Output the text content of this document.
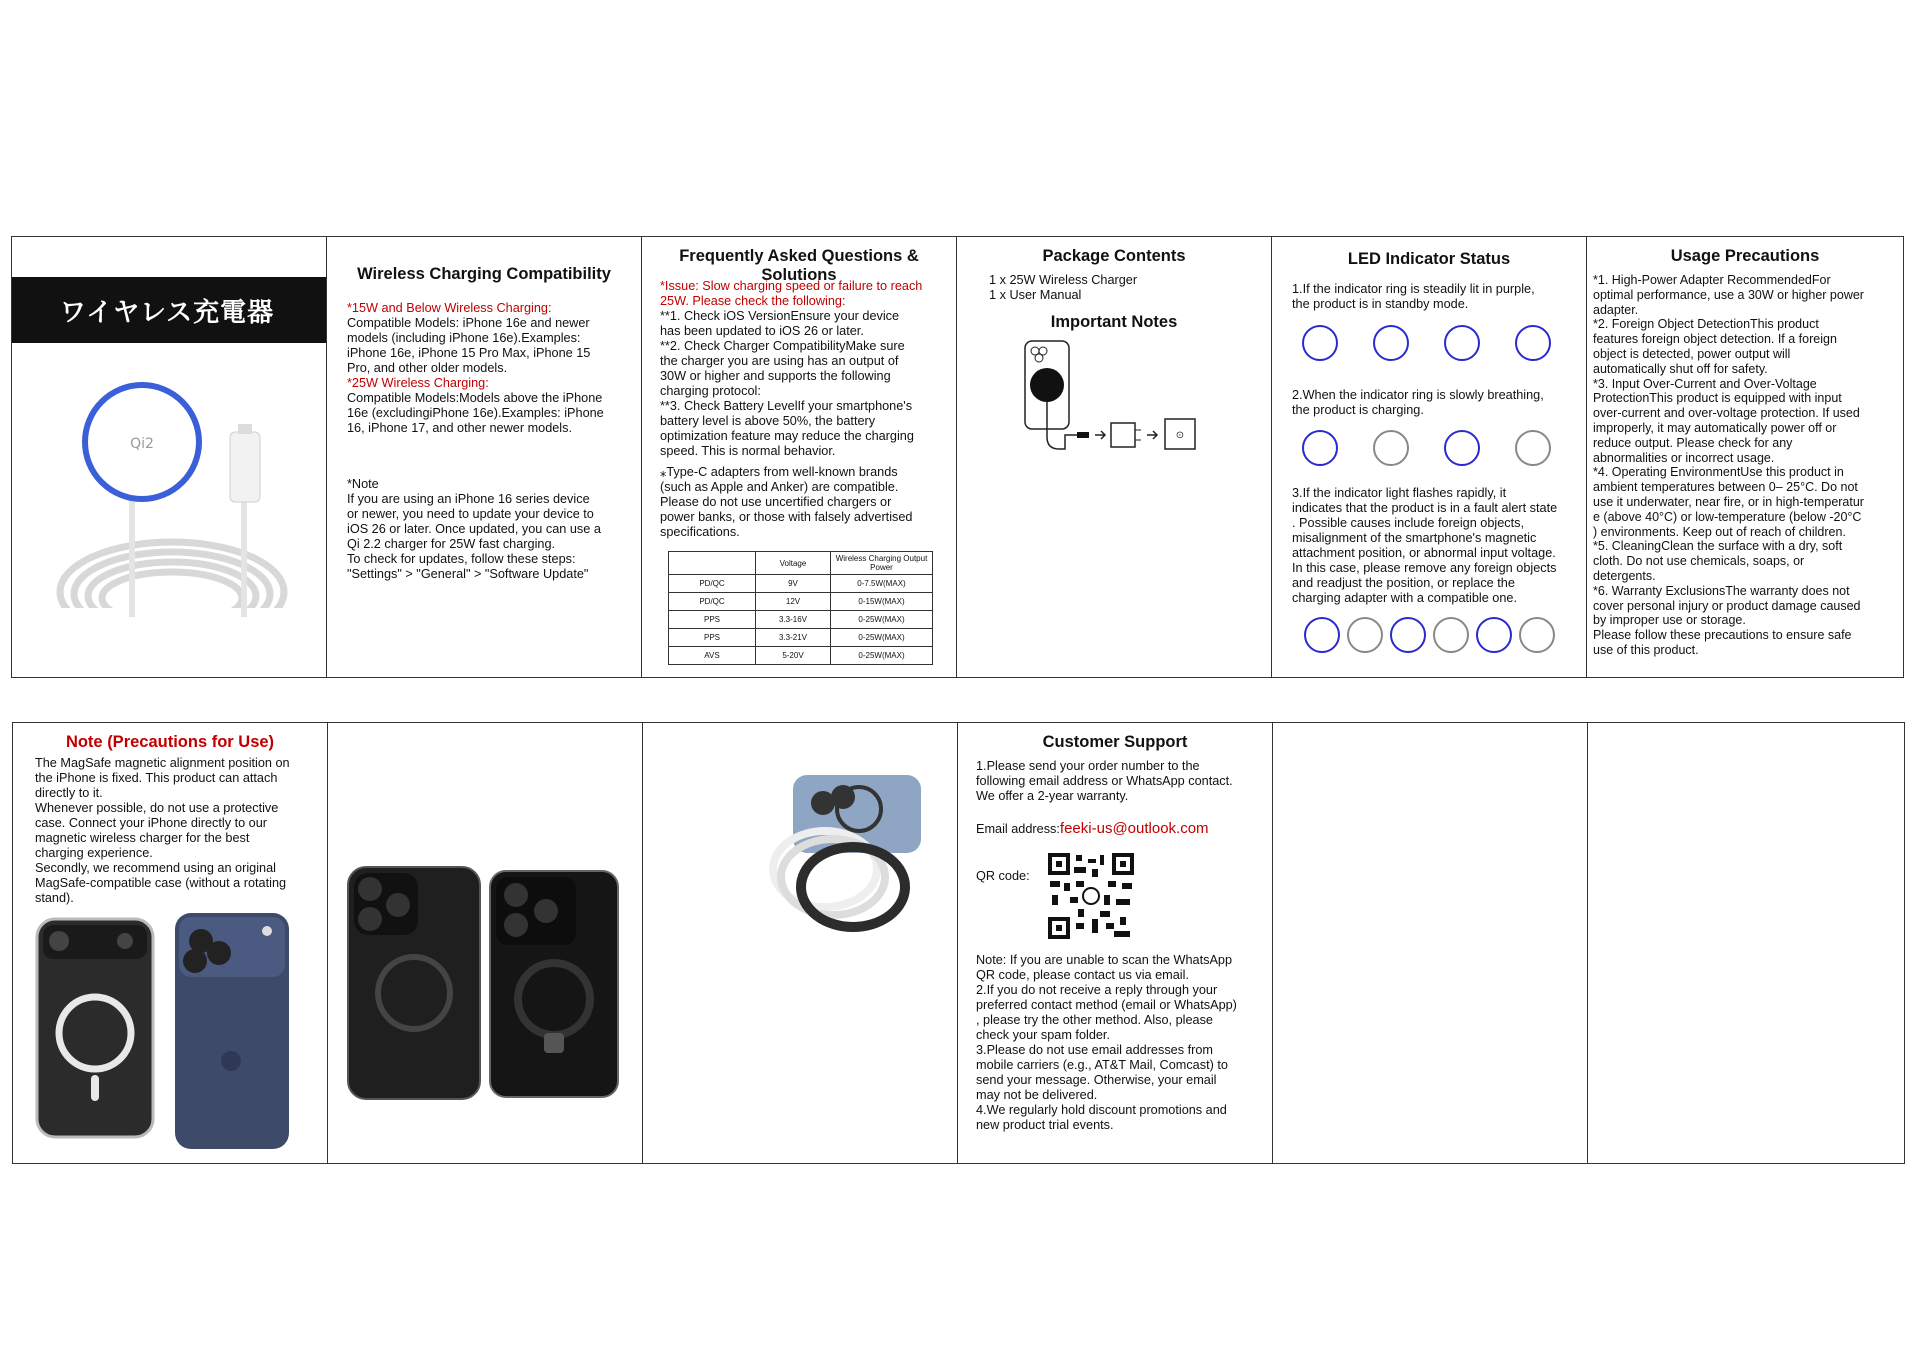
ワイヤレス充電器
Qi2
Wireless Charging Compatibility
*15W and Below Wireless Charging:
Compatible Models: iPhone 16e and newer
models (including iPhone 16e).Examples:
iPhone 16e, iPhone 15 Pro Max, iPhone 15
Pro, and other older models.
*25W Wireless Charging:
Compatible Models:Models above the iPhone
16e (excludingiPhone 16e).Examples: iPhone
16, iPhone 17, and other newer models.
*Note
If you are using an iPhone 16 series device
or newer, you need to update your device to
iOS 26 or later. Once updated, you can use a
Qi 2.2 charger for 25W fast charging.
To check for updates, follow these steps:
"Settings" > "General" > "Software Update"
Frequently Asked Questions & Solutions
*Issue: Slow charging speed or failure to reach
25W. Please check the following:
**1. Check iOS VersionEnsure your device
has been updated to iOS 26 or later.
**2. Check Charger CompatibilityMake sure
the charger you are using has an output of
30W or higher and supports the following
charging protocol:
**3. Check Battery LevelIf your smartphone's
battery level is above 50%, the battery
optimization feature may reduce the charging
speed. This is normal behavior.
⁎Type-C adapters from well-known brands
(such as Apple and Anker) are compatible.
Please do not use uncertified chargers or
power banks, or those with falsely advertised
specifications.
	Voltage	Wireless Charging Output Power
PD/QC	9V	0-7.5W(MAX)
PD/QC	12V	0-15W(MAX)
PPS	3.3-16V	0-25W(MAX)
PPS	3.3-21V	0-25W(MAX)
AVS	5-20V	0-25W(MAX)
Package Contents
1 x 25W Wireless Charger
1 x User Manual
Important Notes
⊙
LED Indicator Status
1.If the indicator ring is steadily lit in purple,
the product is in standby mode.
2.When the indicator ring is slowly breathing,
the product is charging.
3.If the indicator light flashes rapidly, it
indicates that the product is in a fault alert state
. Possible causes include foreign objects,
misalignment of the smartphone's magnetic
attachment position, or abnormal input voltage.
In this case, please remove any foreign objects
and readjust the position, or replace the
charging adapter with a compatible one.
Usage Precautions
*1. High-Power Adapter RecommendedFor
optimal performance, use a 30W or higher power
adapter.
*2. Foreign Object DetectionThis product
features foreign object detection. If a foreign
object is detected, power output will
automatically shut off for safety.
*3. Input Over-Current and Over-Voltage
ProtectionThis product is equipped with input
over-current and over-voltage protection. If used
improperly, it may automatically power off or
reduce output. Please check for any
abnormalities or incorrect usage.
*4. Operating EnvironmentUse this product in
ambient temperatures between 0– 25°C. Do not
use it underwater, near fire, or in high-temperatur
e (above 40°C) or low-temperature (below -20°C
) environments. Keep out of reach of children.
*5. CleaningClean the surface with a dry, soft
cloth. Do not use chemicals, soaps, or
detergents.
*6. Warranty ExclusionsThe warranty does not
cover personal injury or product damage caused
by improper use or storage.
Please follow these precautions to ensure safe
use of this product.
Note (Precautions for Use)
The MagSafe magnetic alignment position on
the iPhone is fixed. This product can attach
directly to it.
Whenever possible, do not use a protective
case. Connect your iPhone directly to our
magnetic wireless charger for the best
charging experience.
Secondly, we recommend using an original
MagSafe-compatible case (without a rotating
stand).
Customer Support
1.Please send your order number to the
following email address or WhatsApp contact.
We offer a 2-year warranty.
Email address:feeki-us@outlook.com
QR code:
Note: If you are unable to scan the WhatsApp
QR code, please contact us via email.
2.If you do not receive a reply through your
preferred contact method (email or WhatsApp)
, please try the other method. Also, please
check your spam folder.
3.Please do not use email addresses from
mobile carriers (e.g., AT&T Mail, Comcast) to
send your message. Otherwise, your email
may not be delivered.
4.We regularly hold discount promotions and
new product trial events.
